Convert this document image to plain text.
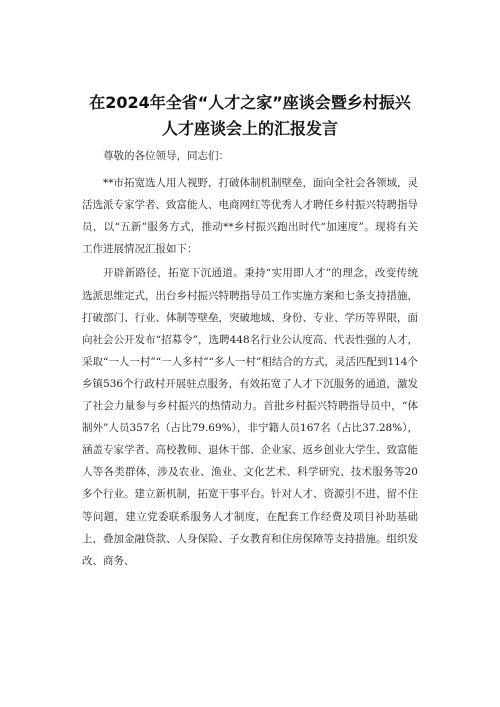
在2024年全省“人才之家”座谈会暨乡村振兴
人才座谈会上的汇报发言

尊敬的各位领导，同志们：

**市拓宽选人用人视野，打破体制机制壁垒，面向全社会各领域，灵活选派专家学者、致富能人、电商网红等优秀人才聘任乡村振兴特聘指导员，以“五新”服务方式，推动**乡村振兴跑出时代“加速度”。现将有关工作进展情况汇报如下：

开辟新路径，拓宽下沉通道。秉持“实用即人才”的理念，改变传统选派思维定式，出台乡村振兴特聘指导员工作实施方案和七条支持措施，打破部门、行业、体制等壁垒，突破地域、身份、专业、学历等界限，面向社会公开发布“招募令”，选聘448名行业公认度高、代表性强的人才，采取“一人一村”“一人多村”“多人一村”相结合的方式，灵活匹配到114个乡镇536个行政村开展驻点服务，有效拓宽了人才下沉服务的通道，激发了社会力量参与乡村振兴的热情动力。首批乡村振兴特聘指导员中，“体制外”人员357名（占比79.69%），非宁籍人员167名（占比37.28%），涵盖专家学者、高校教师、退休干部、企业家、返乡创业大学生、致富能人等各类群体，涉及农业、渔业、文化艺术、科学研究、技术服务等20多个行业。建立新机制，拓宽干事平台。针对人才、资源引不进、留不住等问题，建立党委联系服务人才制度，在配套工作经费及项目补助基础上，叠加金融贷款、人身保险、子女教育和住房保障等支持措施。组织发改、商务、
